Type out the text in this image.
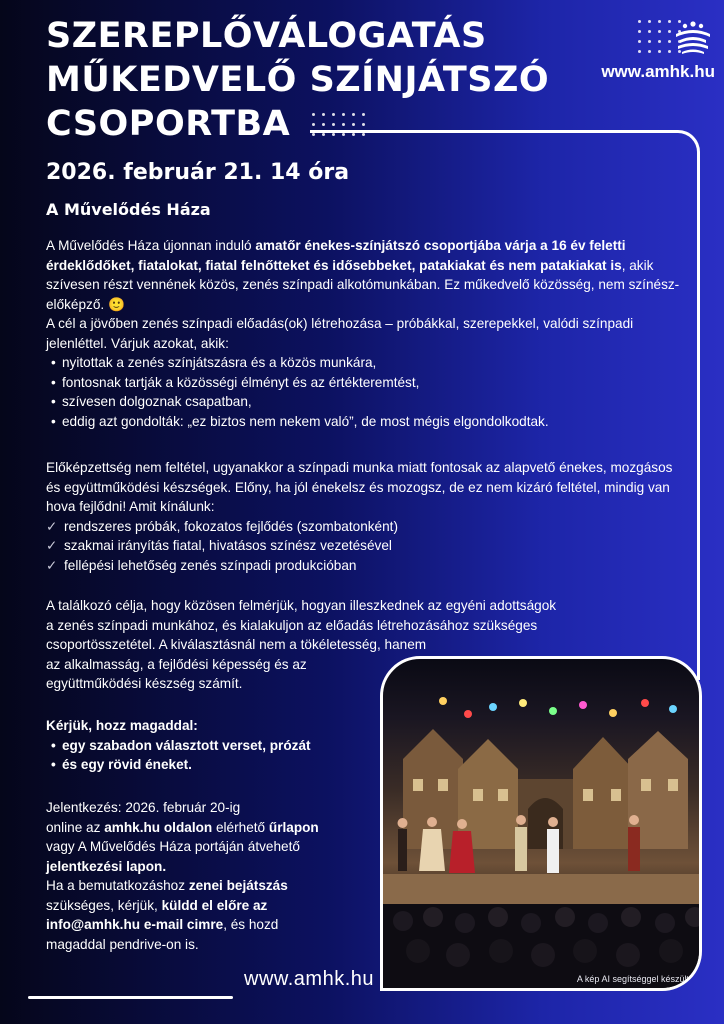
www.amhk.hu
SZEREPLŐVÁLOGATÁS
MŰKEDVELŐ SZÍNJÁTSZÓ
CSOPORTBA
2026. február 21. 14 óra
A Művelődés Háza

A Művelődés Háza újonnan induló amatőr énekes-színjátszó csoportjába várja a 16 év feletti érdeklődőket, fiatalokat, fiatal felnőtteket és idősebbeket, patakiakat és nem patakiakat is, akik szívesen részt vennének közös, zenés színpadi alkotómunkában. Ez műkedvelő közösség, nem színész-előképző. 🙂

A cél a jövőben zenés színpadi előadás(ok) létrehozása – próbákkal, szerepekkel, valódi színpadi jelenléttel. Várjuk azokat, akik:

• nyitottak a zenés színjátszásra és a közös munkára,
• fontosnak tartják a közösségi élményt és az értékteremtést,
• szívesen dolgoznak csapatban,
• eddig azt gondolták: „ez biztos nem nekem való”, de most mégis elgondolkodtak.

Előképzettség nem feltétel, ugyanakkor a színpadi munka miatt fontosak az alapvető énekes, mozgásos és együttműködési készségek. Előny, ha jól énekelsz és mozogsz, de ez nem kizáró feltétel, mindig van hova fejlődni! Amit kínálunk:

✓ rendszeres próbák, fokozatos fejlődés (szombatonként)
✓ szakmai irányítás fiatal, hivatásos színész vezetésével
✓ fellépési lehetőség zenés színpadi produkcióban
A találkozó célja, hogy közösen felmérjük, hogyan illeszkednek az egyéni adottságok
a zenés színpadi munkához, és kialakuljon az előadás létrehozásához szükséges
csoportösszetétel. A kiválasztásnál nem a tökéletesség, hanem
az alkalmasság, a fejlődési képesség és az
együttműködési készség számít.
Kérjük, hozz magaddal:
• egy szabadon választott verset, prózát
• és egy rövid éneket.
Jelentkezés: 2026. február 20-ig
online az amhk.hu oldalon elérhető űrlapon
vagy A Művelődés Háza portáján átvehető
jelentkezési lapon.
Ha a bemutatkozáshoz zenei bejátszás
szükséges, kérjük, küldd el előre az
info@amhk.hu e-mail cimre, és hozd
magaddal pendrive-on is.
A kép AI segítséggel készült
www.amhk.hu
